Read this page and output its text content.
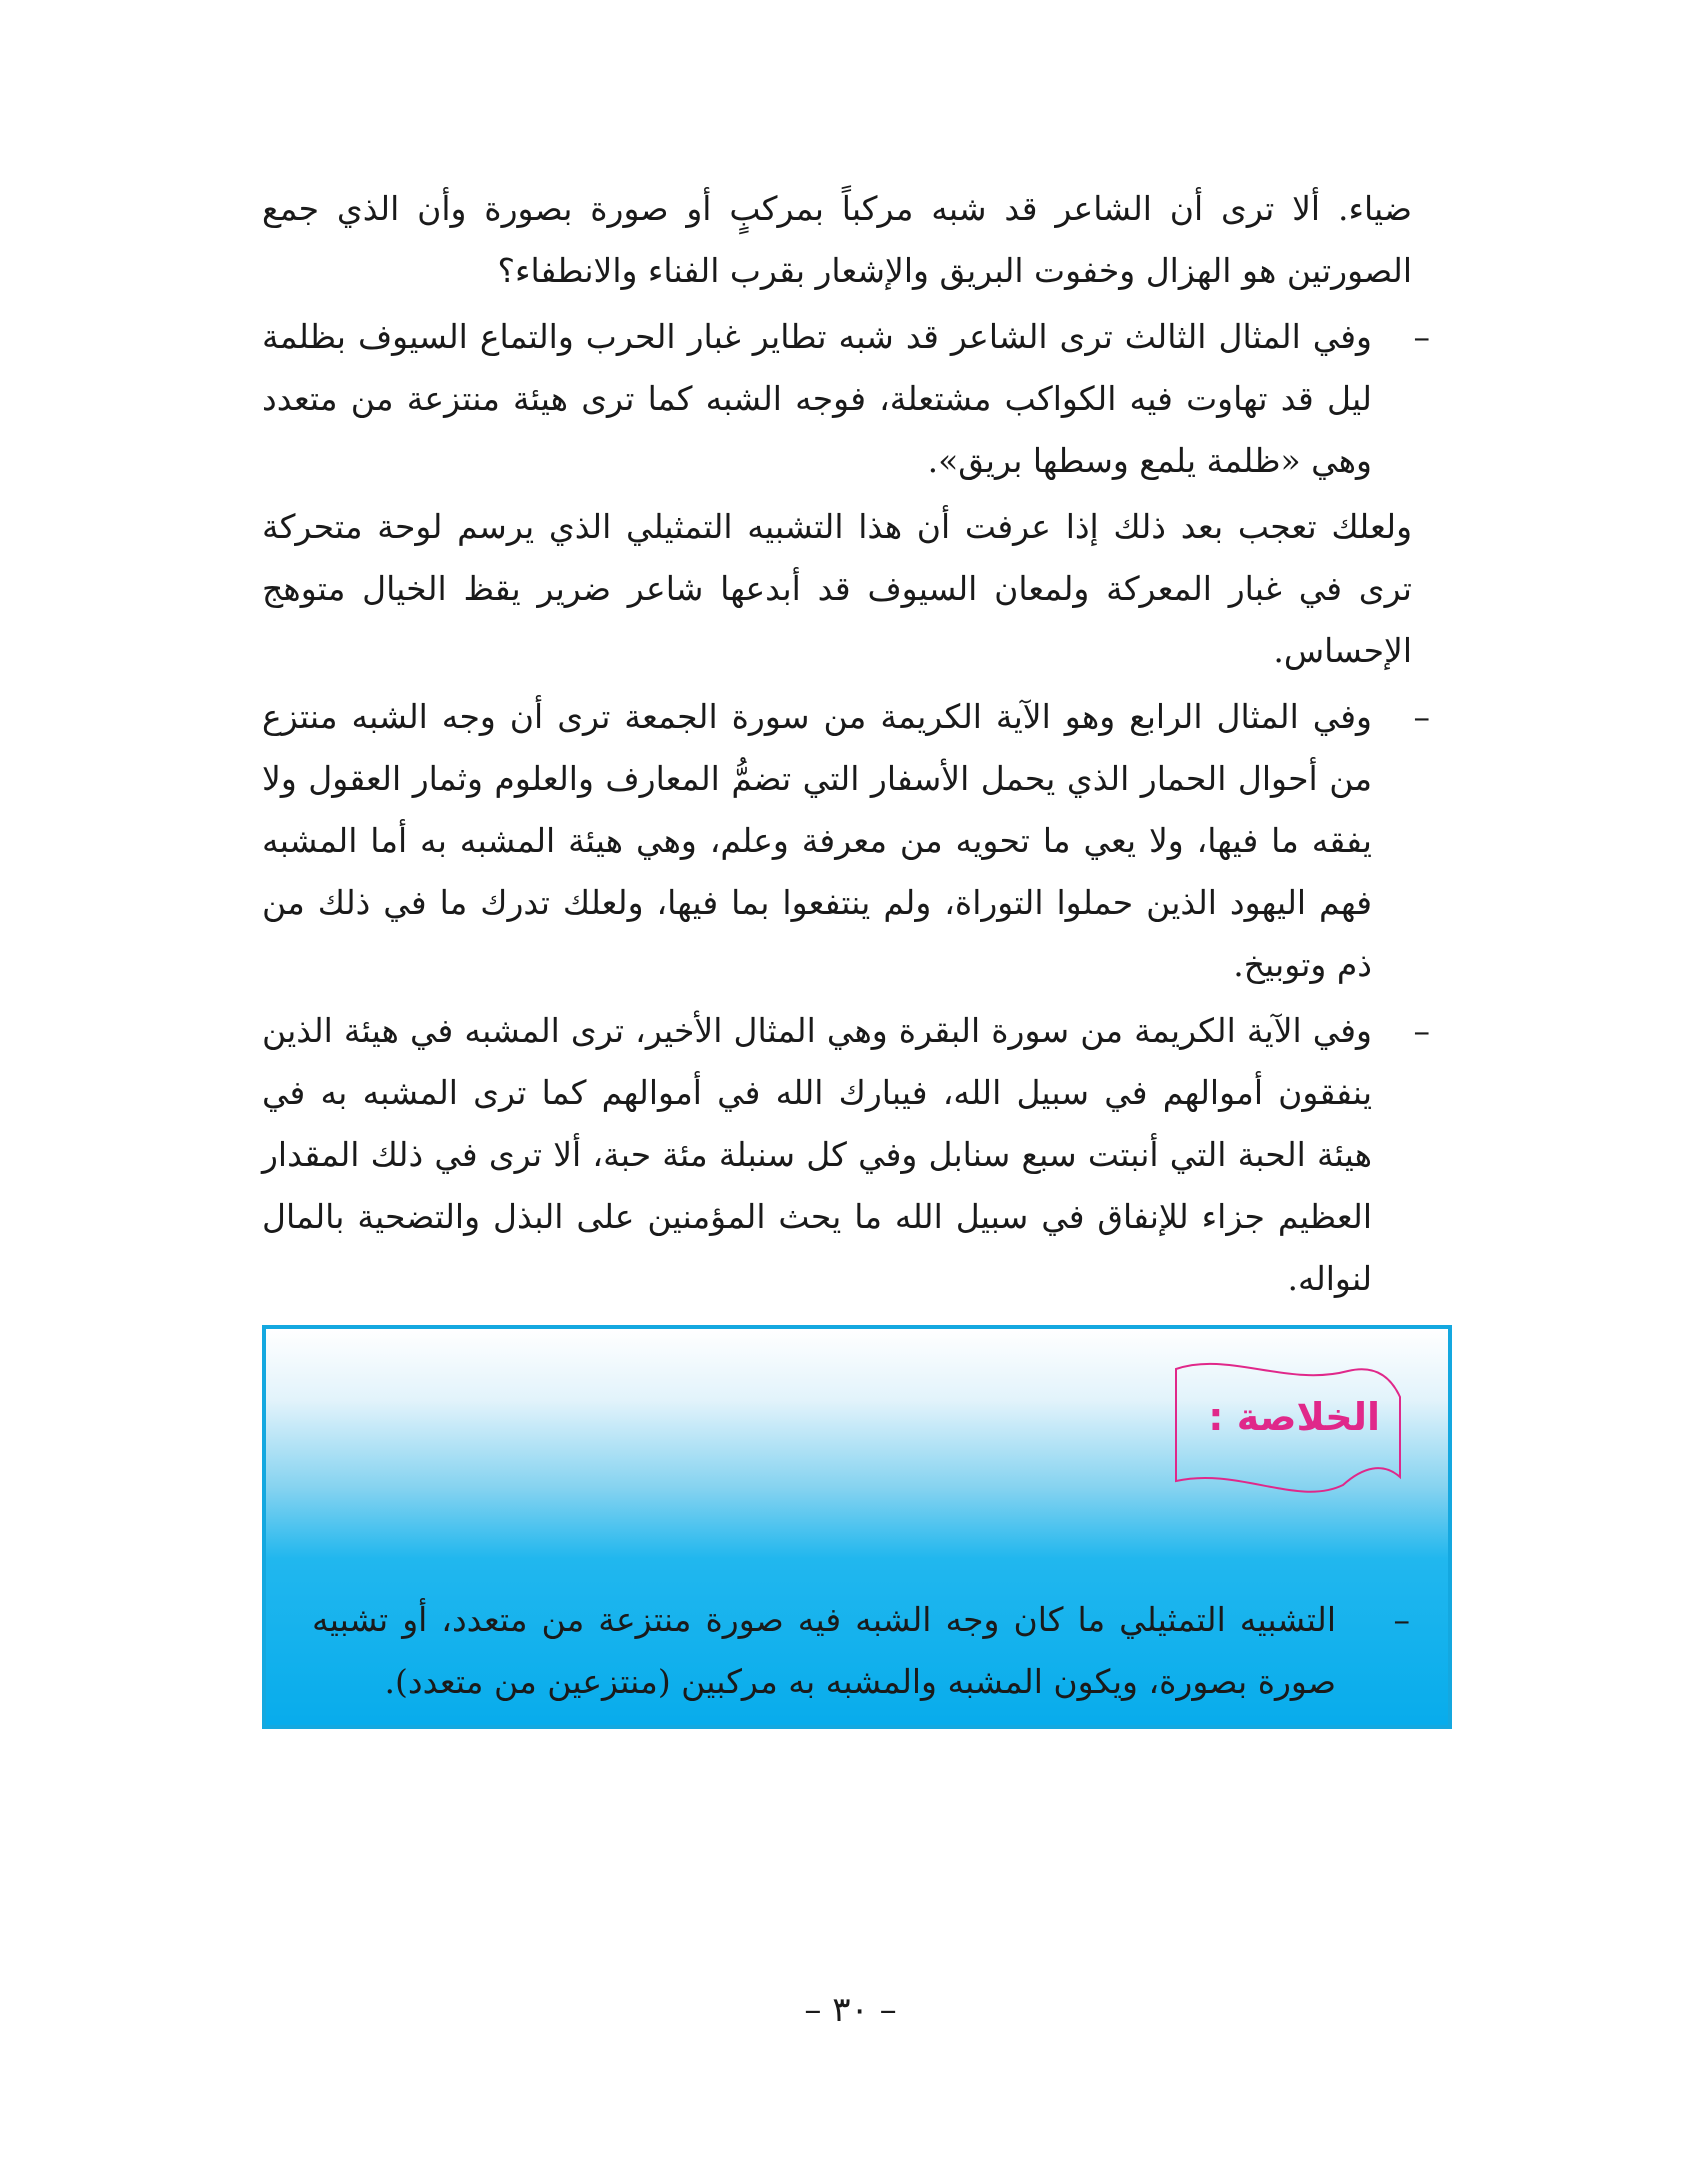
ضياء. ألا ترى أن الشاعر قد شبه مركباً بمركبٍ أو صورة بصورة وأن الذي جمع الصورتين هو الهزال وخفوت البريق والإشعار بقرب الفناء والانطفاء؟

–
وفي المثال الثالث ترى الشاعر قد شبه تطاير غبار الحرب والتماع السيوف بظلمة ليل قد تهاوت فيه الكواكب مشتعلة، فوجه الشبه كما ترى هيئة منتزعة من متعدد وهي «ظلمة يلمع وسطها بريق».

ولعلك تعجب بعد ذلك إذا عرفت أن هذا التشبيه التمثيلي الذي يرسم لوحة متحركة ترى في غبار المعركة ولمعان السيوف قد أبدعها شاعر ضرير يقظ الخيال متوهج الإحساس.

–
وفي المثال الرابع وهو الآية الكريمة من سورة الجمعة ترى أن وجه الشبه منتزع من أحوال الحمار الذي يحمل الأسفار التي تضمُّ المعارف والعلوم وثمار العقول ولا يفقه ما فيها، ولا يعي ما تحويه من معرفة وعلم، وهي هيئة المشبه به أما المشبه فهم اليهود الذين حملوا التوراة، ولم ينتفعوا بما فيها، ولعلك تدرك ما في ذلك من ذم وتوبيخ.
–
وفي الآية الكريمة من سورة البقرة وهي المثال الأخير، ترى المشبه في هيئة الذين ينفقون أموالهم في سبيل الله، فيبارك الله في أموالهم كما ترى المشبه به في هيئة الحبة التي أنبتت سبع سنابل وفي كل سنبلة مئة حبة، ألا ترى في ذلك المقدار العظيم جزاء للإنفاق في سبيل الله ما يحث المؤمنين على البذل والتضحية بالمال لنواله.
الخلاصة :
–
التشبيه التمثيلي ما كان وجه الشبه فيه صورة منتزعة من متعدد، أو تشبيه صورة بصورة، ويكون المشبه والمشبه به مركبين (منتزعين من متعدد).
– ٣٠ –
